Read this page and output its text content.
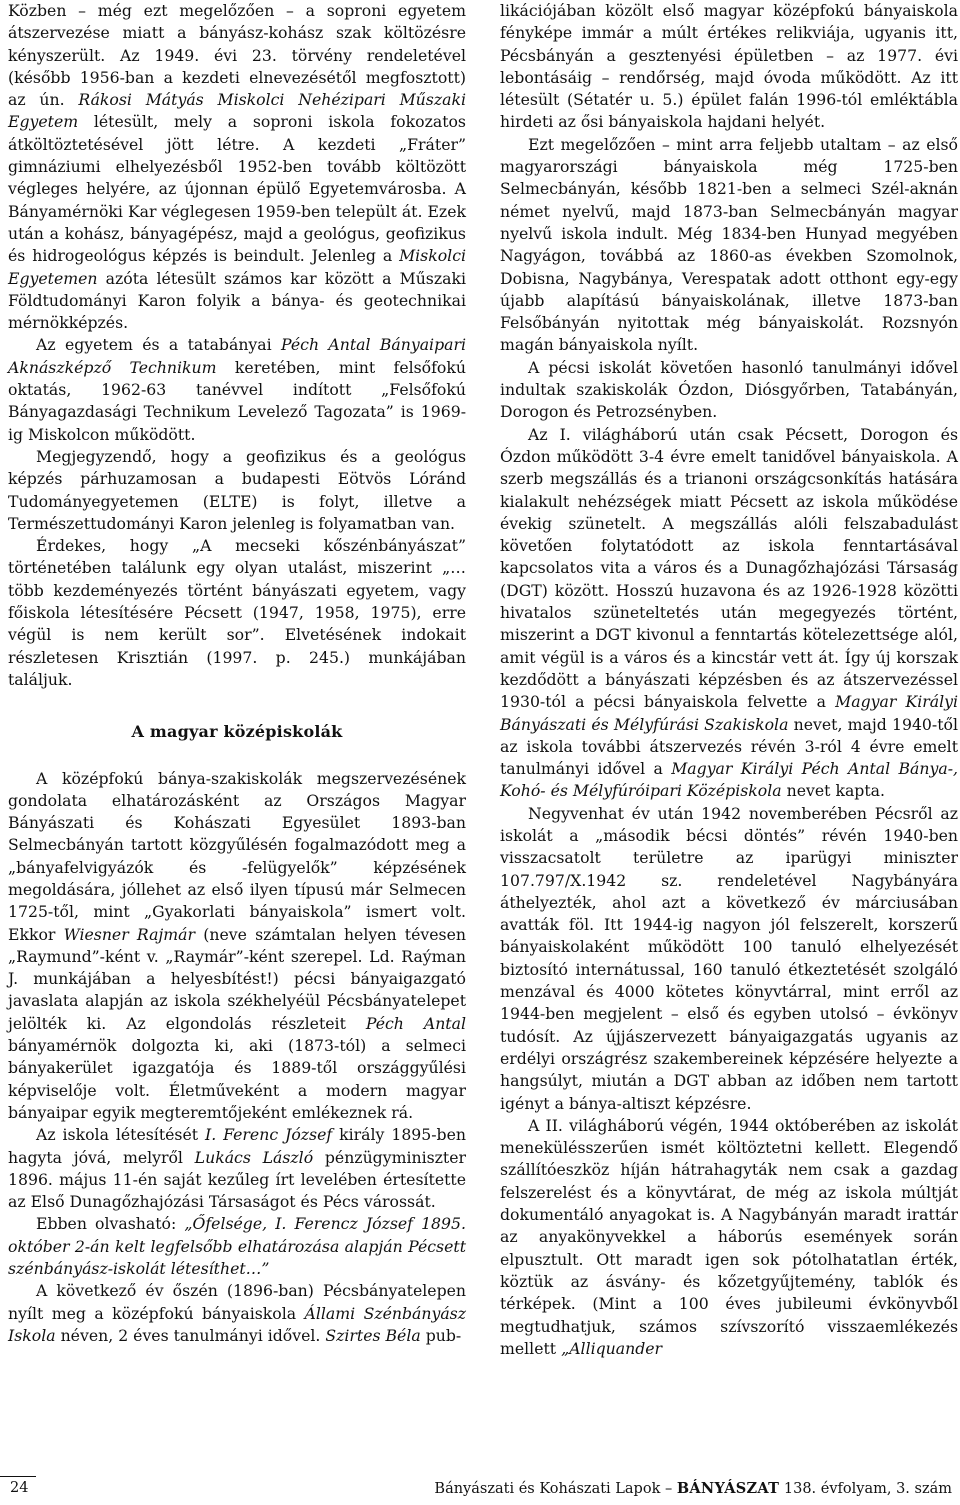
Közben – még ezt megelőzően – a soproni egyetem átszervezése miatt a bányász-kohász szak költözésre kényszerült. Az 1949. évi 23. törvény rendeletével (később 1956-ban a kezdeti elnevezésétől megfosztott) az ún. Rákosi Mátyás Miskolci Nehézipari Műszaki Egyetem létesült, mely a soproni iskola fokozatos átköltöztetésével jött létre. A kezdeti „Fráter” gimnáziumi elhelyezésből 1952-ben tovább költözött végleges helyére, az újonnan épülő Egyetemvárosba. A Bányamérnöki Kar véglegesen 1959-ben települt át. Ezek után a kohász, bányagépész, majd a geológus, geofizikus és hidrogeológus képzés is beindult. Jelenleg a Miskolci Egyetemen azóta létesült számos kar között a Műszaki Földtudományi Karon folyik a bánya- és geotechnikai mérnökképzés.

Az egyetem és a tatabányai Péch Antal Bányaipari Aknászképző Technikum keretében, mint felsőfokú oktatás, 1962-63 tanévvel indított „Felsőfokú Bányagazdasági Technikum Levelező Tagozata” is 1969-ig Miskolcon működött.

Megjegyzendő, hogy a geofizikus és a geológus képzés párhuzamosan a budapesti Eötvös Lóránd Tudományegyetemen (ELTE) is folyt, illetve a Természettudományi Karon jelenleg is folyamatban van.

Érdekes, hogy „A mecseki kőszénbányászat” történetében találunk egy olyan utalást, miszerint „…több kezdeményezés történt bányászati egyetem, vagy főiskola létesítésére Pécsett (1947, 1958, 1975), erre végül is nem került sor”. Elvetésének indokait részletesen Krisztián (1997. p. 245.) munkájában találjuk.

A magyar középiskolák

A középfokú bánya-szakiskolák megszervezésének gondolata elhatározásként az Országos Magyar Bányászati és Kohászati Egyesület 1893-ban Selmecbányán tartott közgyűlésén fogalmazódott meg a „bányafelvigyázók és -felügyelők” képzésének megoldására, jóllehet az első ilyen típusú már Selmecen 1725-től, mint „Gyakorlati bányaiskola” ismert volt. Ekkor Wiesner Rajmár (neve számtalan helyen tévesen „Raymund”-ként v. „Raymár”-ként szerepel. Ld. Raýman J. munkájában a helyesbítést!) pécsi bányaigazgató javaslata alapján az iskola székhelyéül Pécsbányatelepet jelölték ki. Az elgondolás részleteit Péch Antal bányamérnök dolgozta ki, aki (1873-tól) a selmeci bányakerület igazgatója és 1889-től országgyűlési képviselője volt. Életműveként a modern magyar bányaipar egyik megteremtőjeként emlékeznek rá.

Az iskola létesítését I. Ferenc József király 1895-ben hagyta jóvá, melyről Lukács László pénzügyminiszter 1896. május 11-én saját kezűleg írt levelében értesítette az Első Dunagőzhajózási Társaságot és Pécs várossát.

Ebben olvasható: „Őfelsége, I. Ferencz József 1895. október 2-án kelt legfelsőbb elhatározása alapján Pécsett szénbányász-iskolát létesíthet…”

A következő év őszén (1896-ban) Pécsbányatelepen nyílt meg a középfokú bányaiskola Állami Szénbányász Iskola néven, 2 éves tanulmányi idővel. Szirtes Béla pub-

likációjában közölt első magyar középfokú bányaiskola fényképe immár a múlt értékes relikviája, ugyanis itt, Pécsbányán a gesztenyési épületben – az 1977. évi lebontásáig – rendőrség, majd óvoda működött. Az itt létesült (Sétatér u. 5.) épület falán 1996-tól emléktábla hirdeti az ősi bányaiskola hajdani helyét.

Ezt megelőzően – mint arra feljebb utaltam – az első magyarországi bányaiskola még 1725-ben Selmecbányán, később 1821-ben a selmeci Szél-aknán német nyelvű, majd 1873-ban Selmecbányán magyar nyelvű iskola indult. Még 1834-ben Hunyad megyében Nagyágon, továbbá az 1860-as években Szomolnok, Dobisna, Nagybánya, Verespatak adott otthont egy-egy újabb alapítású bányaiskolának, illetve 1873-ban Felsőbányán nyitottak még bányaiskolát. Rozsnyón magán bányaiskola nyílt.

A pécsi iskolát követően hasonló tanulmányi idővel indultak szakiskolák Ózdon, Diósgyőrben, Tatabányán, Dorogon és Petrozsényben.

Az I. világháború után csak Pécsett, Dorogon és Ózdon működött 3-4 évre emelt tanidővel bányaiskola. A szerb megszállás és a trianoni országcsonkítás hatására kialakult nehézségek miatt Pécsett az iskola működése évekig szünetelt. A megszállás alóli felszabadulást követően folytatódott az iskola fenntartásával kapcsolatos vita a város és a Dunagőzhajózási Társaság (DGT) között. Hosszú huzavona és az 1926-1928 közötti hivatalos szüneteltetés után megegyezés történt, miszerint a DGT kivonul a fenntartás kötelezettsége alól, amit végül is a város és a kincstár vett át. Így új korszak kezdődött a bányászati képzésben és az átszervezéssel 1930-tól a pécsi bányaiskola felvette a Magyar Királyi Bányászati és Mélyfúrási Szakiskola nevet, majd 1940-től az iskola további átszervezés révén 3-ról 4 évre emelt tanulmányi idővel a Magyar Királyi Péch Antal Bánya-, Kohó- és Mélyfúróipari Középiskola nevet kapta.

Negyvenhat év után 1942 novemberében Pécsről az iskolát a „második bécsi döntés” révén 1940-ben visszacsatolt területre az iparügyi miniszter 107.797/X.1942 sz. rendeletével Nagybányára áthelyezték, ahol azt a következő év márciusában avatták föl. Itt 1944-ig nagyon jól felszerelt, korszerű bányaiskolaként működött 100 tanuló elhelyezését biztosító internátussal, 160 tanuló étkeztetését szolgáló menzával és 4000 kötetes könyvtárral, mint erről az 1944-ben megjelent – első és egyben utolsó – évkönyv tudósít. Az újjászervezett bányaigazgatás ugyanis az erdélyi országrész szakembereinek képzésére helyezte a hangsúlyt, miután a DGT abban az időben nem tartott igényt a bánya-altiszt képzésre.

A II. világháború végén, 1944 októberében az iskolát menekülésszerűen ismét költöztetni kellett. Elegendő szállítóeszköz híján hátrahagyták nem csak a gazdag felszerelést és a könyvtárat, de még az iskola múltját dokumentáló anyagokat is. A Nagybányán maradt irattár az anyakönyvekkel a háborús események során elpusztult. Ott maradt igen sok pótolhatatlan érték, köztük az ásvány- és kőzetgyűjtemény, tablók és térképek. (Mint a 100 éves jubileumi évkönyvből megtudhatjuk, számos szívszorító visszaemlékezés mellett „Alliquander

24	Bányászati és Kohászati Lapok – BÁNYÁSZAT 138. évfolyam, 3. szám
